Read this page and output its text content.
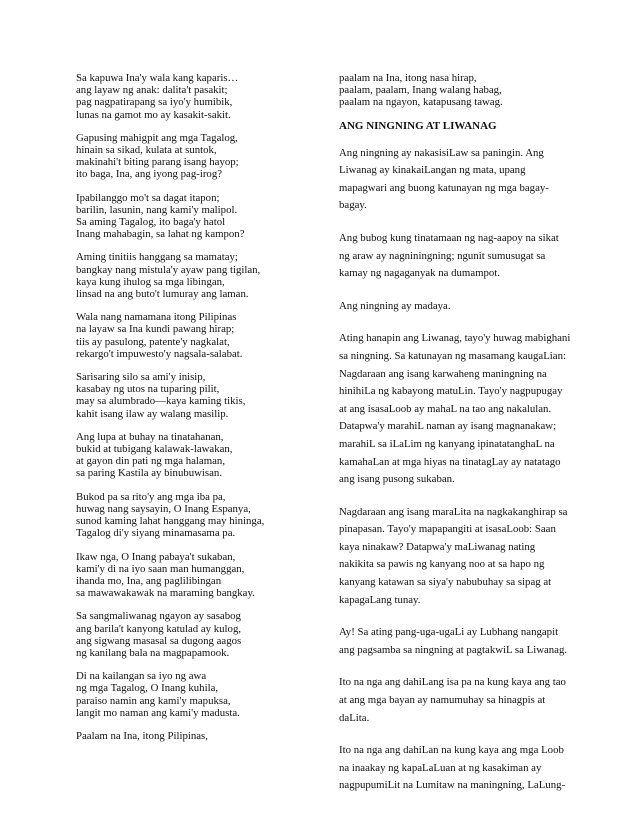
Sa kapuwa Ina'y wala kang kaparis…
ang layaw ng anak: dalita't pasakit;
pag nagpatirapang sa iyo'y humibik,
lunas na gamot mo ay kasakit-sakit.
Gapusing mahigpit ang mga Tagalog,
hinain sa sikad, kulata at suntok,
makinahi't biting parang isang hayop;
ito baga, Ina, ang iyong pag-irog?
Ipabilanggo mo't sa dagat itapon;
barilin, lasunin, nang kami'y malipol.
Sa aming Tagalog, ito baga'y hatol
Inang mahabagin, sa lahat ng kampon?
Aming tinitiis hanggang sa mamatay;
bangkay nang mistula'y ayaw pang tigilan,
kaya kung ihulog sa mga libingan,
linsad na ang buto't lumuray ang laman.
Wala nang namamana itong Pilipinas
na layaw sa Ina kundi pawang hirap;
tiis ay pasulong, patente'y nagkalat,
rekargo't impuwesto'y nagsala-salabat.
Sarisaring silo sa ami'y inisip,
kasabay ng utos na tuparing pilit,
may sa alumbrado—kaya kaming tikis,
kahit isang ilaw ay walang masilip.
Ang lupa at buhay na tinatahanan,
bukid at tubigang kalawak-lawakan,
at gayon din pati ng mga halaman,
sa paring Kastila ay binubuwisan.
Bukod pa sa rito'y ang mga iba pa,
huwag nang saysayin, O Inang Espanya,
sunod kaming lahat hanggang may hininga,
Tagalog di'y siyang minamasama pa.
Ikaw nga, O Inang pabaya't sukaban,
kami'y di na iyo saan man humanggan,
ihanda mo, Ina, ang paglilibingan
sa mawawakawak na maraming bangkay.
Sa sangmaliwanag ngayon ay sasabog
ang barila't kanyong katulad ay kulog,
ang sigwang masasal sa dugong aagos
ng kanilang bala na magpapamook.
Di na kailangan sa iyo ng awa
ng mga Tagalog, O Inang kuhila,
paraiso namin ang kami'y mapuksa,
langit mo naman ang kami'y madusta.
Paalam na Ina, itong Pilipinas,
paalam na Ina, itong nasa hirap,
paalam, paalam, Inang walang habag,
paalam na ngayon, katapusang tawag.
ANG NINGNING AT LIWANAG
Ang ningning ay nakasisiLaw sa paningin. Ang
Liwanag ay kinakaiLangan ng mata, upang
mapagwari ang buong katunayan ng mga bagay-
bagay.
Ang bubog kung tinatamaan ng nag-aapoy na sikat
ng araw ay nagniningning; ngunit sumusugat sa
kamay ng nagaganyak na dumampot.
Ang ningning ay madaya.
Ating hanapin ang Liwanag, tayo'y huwag mabighani
sa ningning. Sa katunayan ng masamang kaugaLian:
Nagdaraan ang isang karwaheng maningning na
hinihiLa ng kabayong matuLin. Tayo'y nagpupugay
at ang isasaLoob ay mahaL na tao ang nakalulan.
Datapwa'y marahiL naman ay isang magnanakaw;
marahiL sa iLaLim ng kanyang ipinatatanghaL na
kamahaLan at mga hiyas na tinatagLay ay natatago
ang isang pusong sukaban.
Nagdaraan ang isang maraLita na nagkakanghirap sa
pinapasan. Tayo'y mapapangiti at isasaLoob: Saan
kaya ninakaw? Datapwa'y maLiwanag nating
nakikita sa pawis ng kanyang noo at sa hapo ng
kanyang katawan sa siya'y nabubuhay sa sipag at
kapagaLang tunay.
Ay! Sa ating pang-uga-ugaLi ay Lubhang nangapit
ang pagsamba sa ningning at pagtakwiL sa Liwanag.
Ito na nga ang dahiLang isa pa na kung kaya ang tao
at ang mga bayan ay namumuhay sa hinagpis at
daLita.
Ito na nga ang dahiLan na kung kaya ang mga Loob
na inaakay ng kapaLaLuan at ng kasakiman ay
nagpupumiLit na Lumitaw na maningning, LaLung-
